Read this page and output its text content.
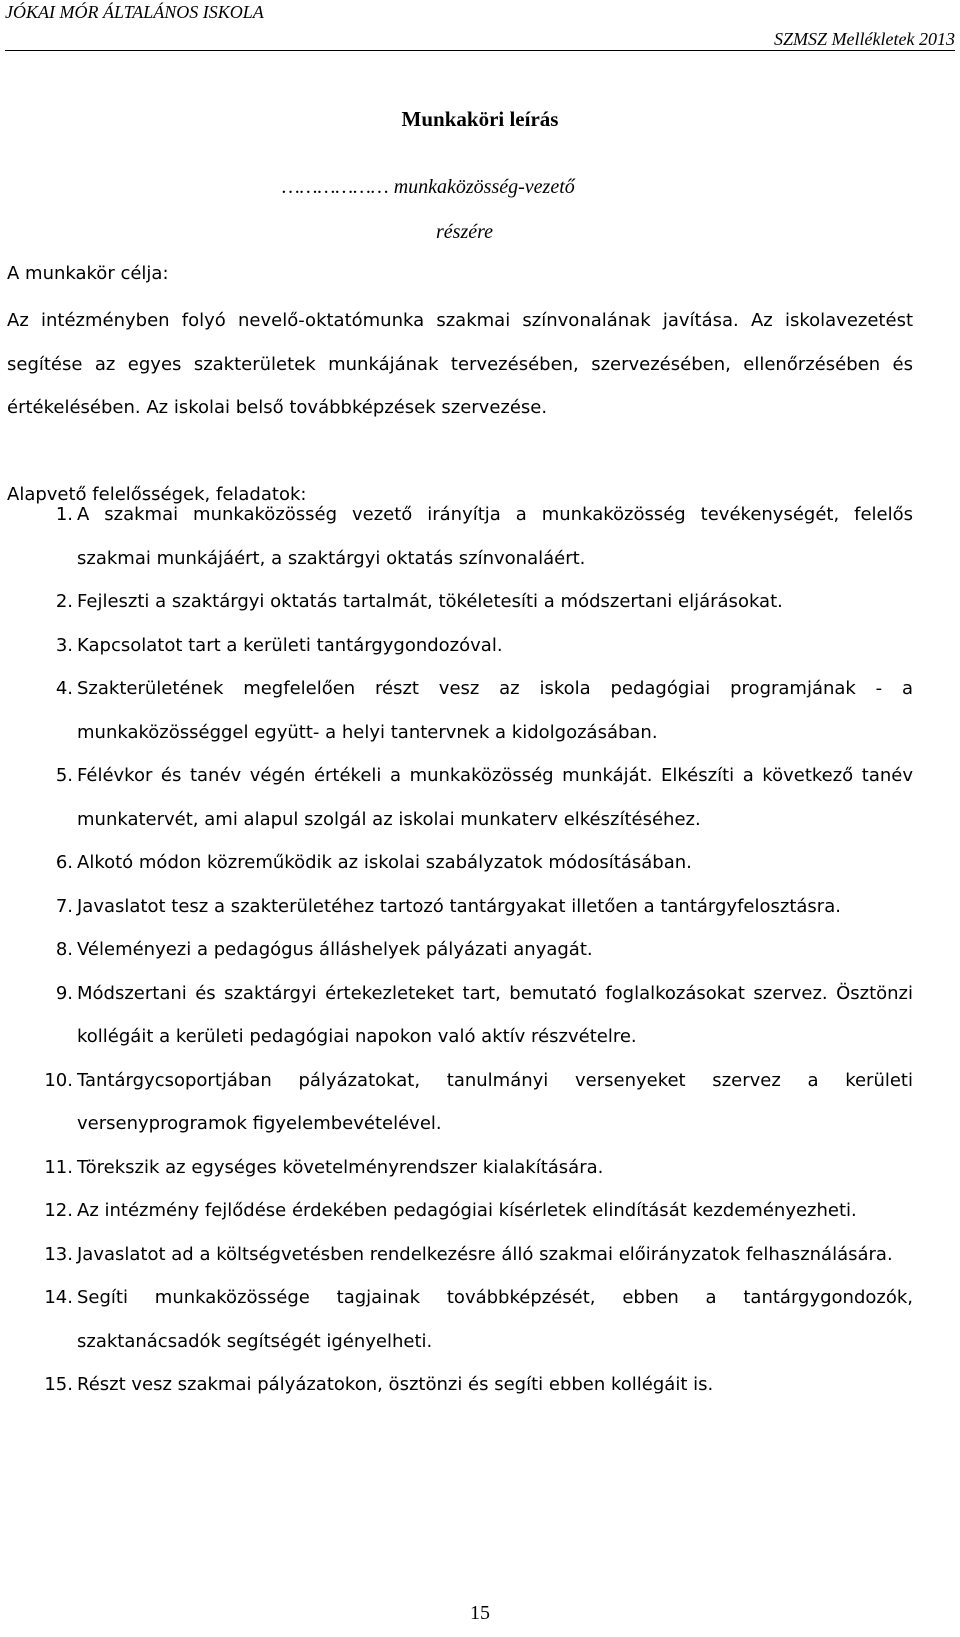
JÓKAI MÓR ÁLTALÁNOS ISKOLA
SZMSZ Mellékletek 2013
Munkaköri leírás
……………… munkaközösség-vezető
részére
A munkakör célja:
Az intézményben folyó nevelő-oktatómunka szakmai színvonalának javítása. Az iskolavezetést segítése az egyes szakterületek munkájának tervezésében, szervezésében, ellenőrzésében és értékelésében. Az iskolai belső továbbképzések szervezése.
Alapvető felelősségek, feladatok:
1. A szakmai munkaközösség vezető irányítja a munkaközösség tevékenységét, felelős szakmai munkájáért, a szaktárgyi oktatás színvonaláért.
2. Fejleszti a szaktárgyi oktatás tartalmát, tökéletesíti a módszertani eljárásokat.
3. Kapcsolatot tart a kerületi tantárgygondozóval.
4. Szakterületének megfelelően részt vesz az iskola pedagógiai programjának - a munkaközösséggel együtt- a helyi tantervnek a kidolgozásában.
5. Félévkor és tanév végén értékeli a munkaközösség munkáját. Elkészíti a következő tanév munkatervét, ami alapul szolgál az iskolai munkaterv elkészítéséhez.
6. Alkotó módon közreműködik az iskolai szabályzatok módosításában.
7. Javaslatot tesz a szakterületéhez tartozó tantárgyakat illetően a tantárgyfelosztásra.
8. Véleményezi a pedagógus álláshelyek pályázati anyagát.
9. Módszertani és szaktárgyi értekezleteket tart, bemutató foglalkozásokat szervez. Ösztönzi kollégáit a kerületi pedagógiai napokon való aktív részvételre.
10. Tantárgycsoportjában pályázatokat, tanulmányi versenyeket szervez a kerületi versenyprogramok figyelembevételével.
11. Törekszik az egységes követelményrendszer kialakítására.
12. Az intézmény fejlődése érdekében pedagógiai kísérletek elindítását kezdeményezheti.
13. Javaslatot ad a költségvetésben rendelkezésre álló szakmai előirányzatok felhasználására.
14. Segíti munkaközössége tagjainak továbbképzését, ebben a tantárgygondozók, szaktanácsadók segítségét igényelheti.
15. Részt vesz szakmai pályázatokon, ösztönzi és segíti ebben kollégáit is.
15
